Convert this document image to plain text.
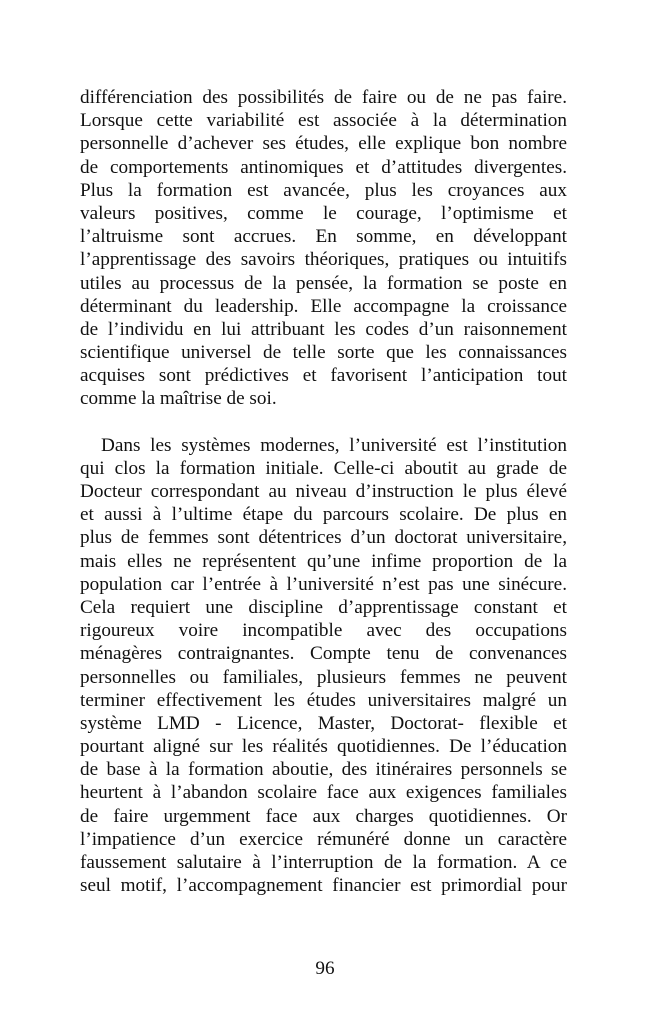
différenciation des possibilités de faire ou de ne pas faire.
Lorsque cette variabilité est associée à la détermination
personnelle d’achever ses études, elle explique bon nombre
de comportements antinomiques et d’attitudes divergentes.
Plus la formation est avancée, plus les croyances aux
valeurs positives, comme le courage, l’optimisme et
l’altruisme sont accrues. En somme, en développant
l’apprentissage des savoirs théoriques, pratiques ou intuitifs
utiles au processus de la pensée, la formation se poste en
déterminant du leadership. Elle accompagne la croissance
de l’individu en lui attribuant les codes d’un raisonnement
scientifique universel de telle sorte que les connaissances
acquises sont prédictives et favorisent l’anticipation tout
comme la maîtrise de soi.
Dans les systèmes modernes, l’université est l’institution
qui clos la formation initiale. Celle-ci aboutit au grade de
Docteur correspondant au niveau d’instruction le plus élevé
et aussi à l’ultime étape du parcours scolaire. De plus en
plus de femmes sont détentrices d’un doctorat universitaire,
mais elles ne représentent qu’une infime proportion de la
population car l’entrée à l’université n’est pas une sinécure.
Cela requiert une discipline d’apprentissage constant et
rigoureux voire incompatible avec des occupations
ménagères contraignantes. Compte tenu de convenances
personnelles ou familiales, plusieurs femmes ne peuvent
terminer effectivement les études universitaires malgré un
système LMD - Licence, Master, Doctorat- flexible et
pourtant aligné sur les réalités quotidiennes. De l’éducation
de base à la formation aboutie, des itinéraires personnels se
heurtent à l’abandon scolaire face aux exigences familiales
de faire urgemment face aux charges quotidiennes. Or
l’impatience d’un exercice rémunéré donne un caractère
faussement salutaire à l’interruption de la formation. A ce
seul motif, l’accompagnement financier est primordial pour
96
